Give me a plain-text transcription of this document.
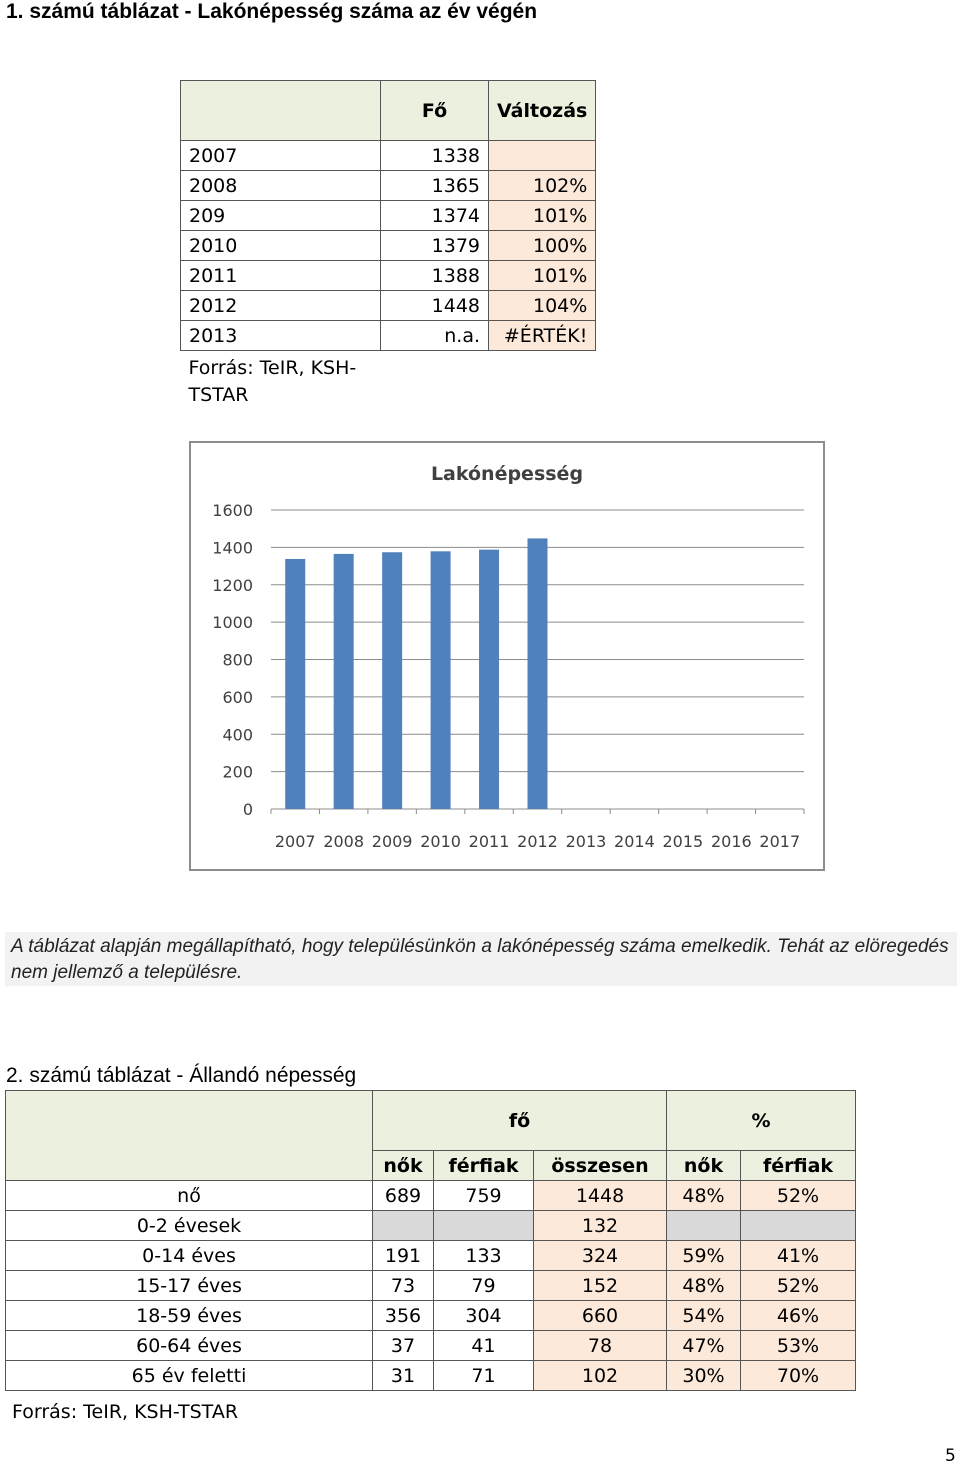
1. számú táblázat - Lakónépesség száma az év végén
	Fő	Változás
2007	1338	
2008	1365	102%
209	1374	101%
2010	1379	100%
2011	1388	101%
2012	1448	104%
2013	n.a.	#ÉRTÉK!
Forrás: TeIR, KSH-
TSTAR		
Lakónépesség
0
200
400
600
800
1000
1200
1400
1600
2007 2008 2009 2010 2011 2012 2013 2014 2015 2016 2017
A táblázat alapján megállapítható, hogy településünkön a lakónépesség száma emelkedik. Tehát az elöregedés nem jellemző a településre.
2. számú táblázat - Állandó népesség
	fő			%	
	nők	férfiak	összesen	nők	férfiak
nő	689	759	1448	48%	52%
0-2 évesek			132		
0-14 éves	191	133	324	59%	41%
15-17 éves	73	79	152	48%	52%
18-59 éves	356	304	660	54%	46%
60-64 éves	37	41	78	47%	53%
65 év feletti	31	71	102	30%	70%
Forrás: TeIR, KSH-TSTAR
5
